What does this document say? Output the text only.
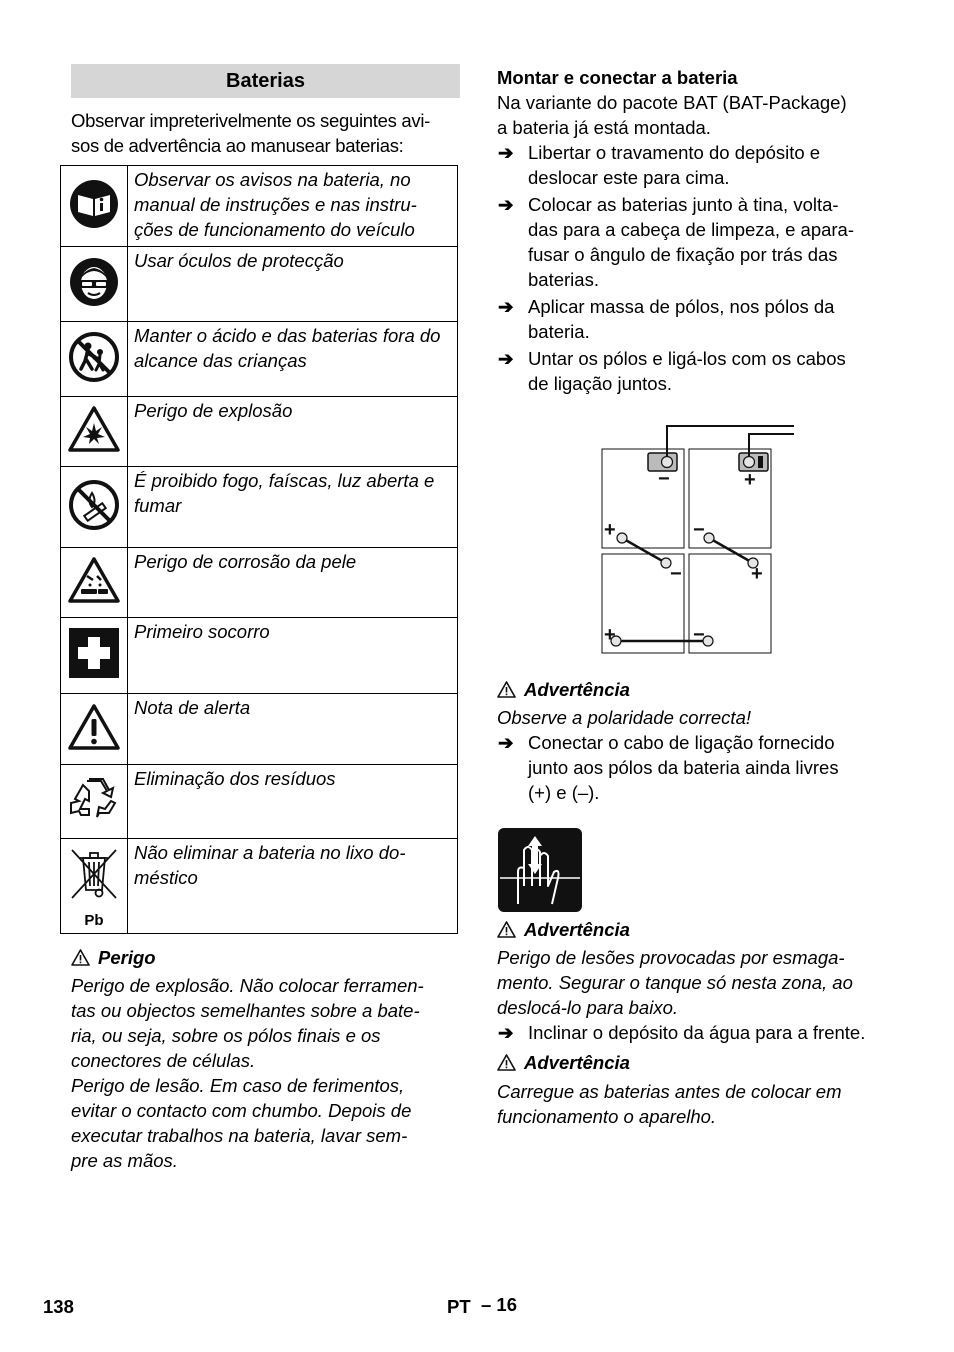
Baterias
Observar impreterivelmente os seguintes avi-
sos de advertência ao manusear baterias:
	Observar os avisos na bateria, no manual de instruções e nas instru-ções de funcionamento do veículo
	Usar óculos de protecção
	Manter o ácido e das baterias fora do alcance das crianças
	Perigo de explosão
	É proibido fogo, faíscas, luz aberta e fumar
	Perigo de corrosão da pele
	Primeiro socorro
	Nota de alerta
	Eliminação dos resíduos

Pb	Não eliminar a bateria no lixo do-méstico
Perigo
Perigo de explosão. Não colocar ferramen-
tas ou objectos semelhantes sobre a bate-
ria, ou seja, sobre os pólos finais e os
conectores de células.
Perigo de lesão. Em caso de ferimentos,
evitar o contacto com chumbo. Depois de
executar trabalhos na bateria, lavar sem-
pre as mãos.
Montar e conectar a bateria
Na variante do pacote BAT (BAT-Package)
a bateria já está montada.
➔ Libertar o travamento do depósito e
deslocar este para cima.
➔ Colocar as baterias junto à tina, volta-
das para a cabeça de limpeza, e apara-
fusar o ângulo de fixação por trás das
baterias.
➔ Aplicar massa de pólos, nos pólos da
bateria.
➔ Untar os pólos e ligá-los com os cabos
de ligação juntos.
−	+
+	−
−	+
+	−
Advertência
Observe a polaridade correcta!
➔ Conectar o cabo de ligação fornecido
junto aos pólos da bateria ainda livres
(+) e (–).
Advertência
Perigo de lesões provocadas por esmaga-
mento. Segurar o tanque só nesta zona, ao
deslocá-lo para baixo.
➔ Inclinar o depósito da água para a frente.
Advertência
Carregue as baterias antes de colocar em
funcionamento o aparelho.
138	PT – 16
